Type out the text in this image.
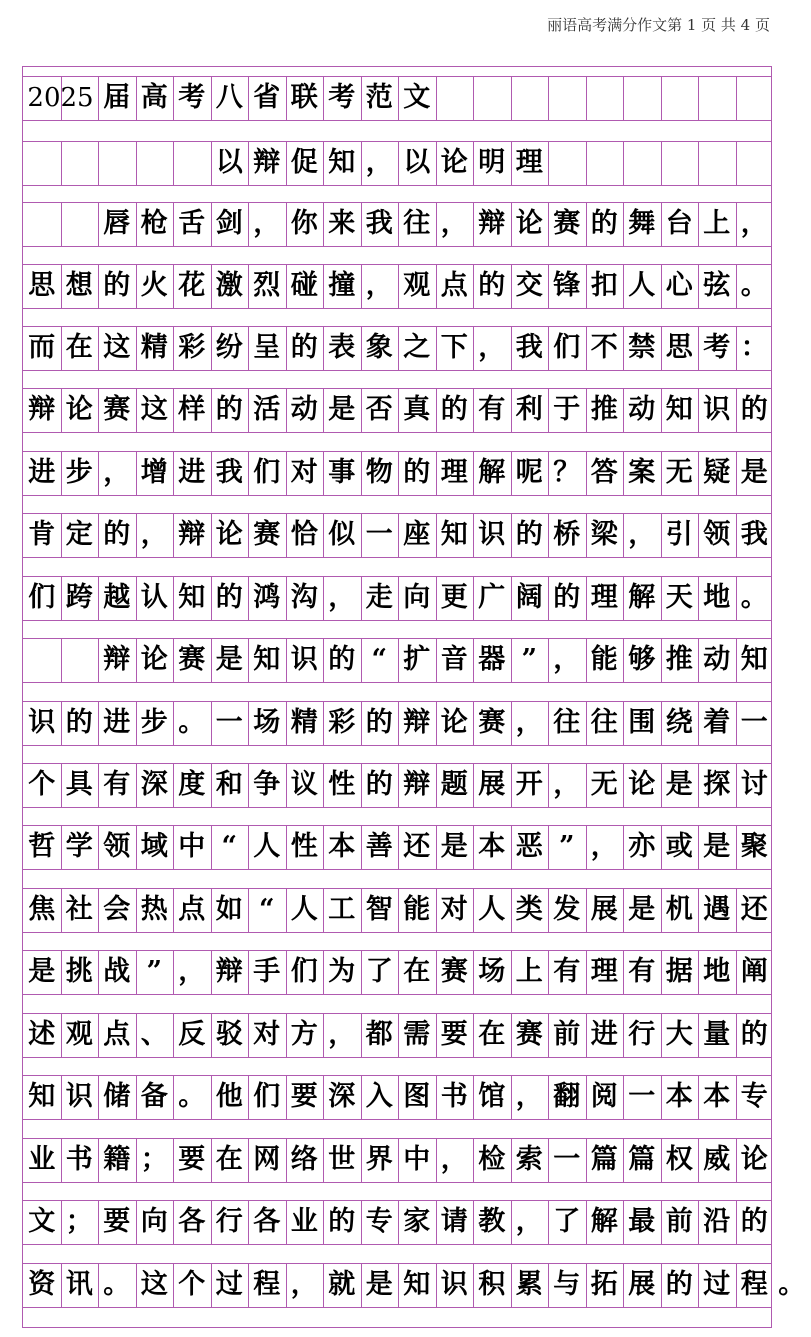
丽语高考满分作文第 1 页 共 4 页
2025 届 高 考 八 省 联 考 范 文
以 辩 促 知 ， 以 论 明 理
唇 枪 舌 剑 ， 你 来 我 往 ， 辩 论 赛 的 舞 台 上 ，
思 想 的 火 花 激 烈 碰 撞 ， 观 点 的 交 锋 扣 人 心 弦 。
而 在 这 精 彩 纷 呈 的 表 象 之 下 ， 我 们 不 禁 思 考 ：
辩 论 赛 这 样 的 活 动 是 否 真 的 有 利 于 推 动 知 识 的
进 步 ， 增 进 我 们 对 事 物 的 理 解 呢 ？ 答 案 无 疑 是
肯 定 的 ， 辩 论 赛 恰 似 一 座 知 识 的 桥 梁 ， 引 领 我
们 跨 越 认 知 的 鸿 沟 ， 走 向 更 广 阔 的 理 解 天 地 。
辩 论 赛 是 知 识 的 “ 扩 音 器 ” ， 能 够 推 动 知
识 的 进 步 。 一 场 精 彩 的 辩 论 赛 ， 往 往 围 绕 着 一
个 具 有 深 度 和 争 议 性 的 辩 题 展 开 ， 无 论 是 探 讨
哲 学 领 域 中 “ 人 性 本 善 还 是 本 恶 ” ， 亦 或 是 聚
焦 社 会 热 点 如 “ 人 工 智 能 对 人 类 发 展 是 机 遇 还
是 挑 战 ” ， 辩 手 们 为 了 在 赛 场 上 有 理 有 据 地 阐
述 观 点 、 反 驳 对 方 ， 都 需 要 在 赛 前 进 行 大 量 的
知 识 储 备 。 他 们 要 深 入 图 书 馆 ， 翻 阅 一 本 本 专
业 书 籍 ； 要 在 网 络 世 界 中 ， 检 索 一 篇 篇 权 威 论
文 ； 要 向 各 行 各 业 的 专 家 请 教 ， 了 解 最 前 沿 的
资 讯 。 这 个 过 程 ， 就 是 知 识 积 累 与 拓 展 的 过 程 。
